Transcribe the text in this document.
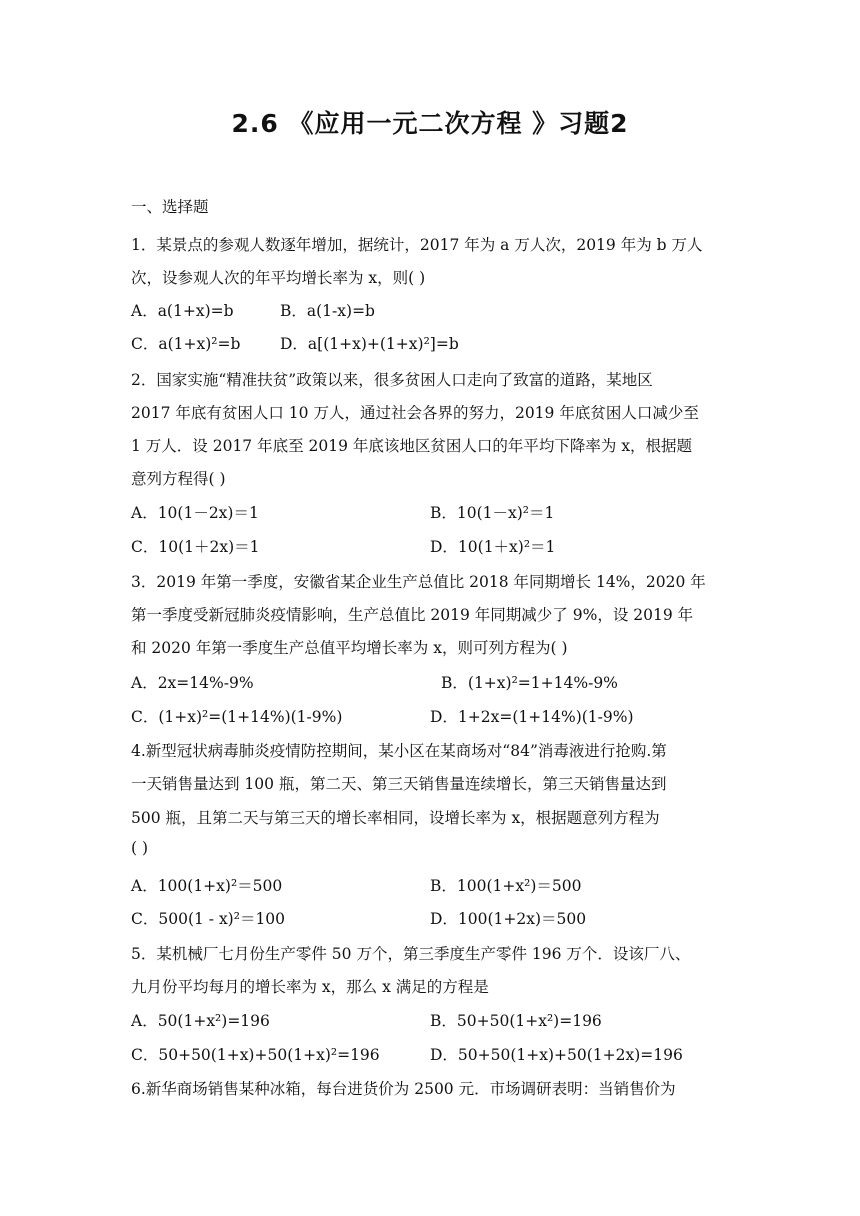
2.6 《应用一元二次方程 》习题2
一、选择题
1．某景点的参观人数逐年增加，据统计，2017 年为 a 万人次，2019 年为 b 万人
次，设参观人次的年平均增长率为 x，则( )
A．a(1+x)=b	B．a(1-x)=b
C．a(1+x)²=b	D．a[(1+x)+(1+x)²]=b
2．国家实施“精准扶贫”政策以来，很多贫困人口走向了致富的道路，某地区
2017 年底有贫困人口 10 万人，通过社会各界的努力，2019 年底贫困人口减少至
1 万人．设 2017 年底至 2019 年底该地区贫困人口的年平均下降率为 x，根据题
意列方程得( )
A．10(1－2x)＝1	B．10(1－x)²＝1
C．10(1＋2x)＝1	D．10(1＋x)²＝1
3．2019 年第一季度，安徽省某企业生产总值比 2018 年同期增长 14%，2020 年
第一季度受新冠肺炎疫情影响，生产总值比 2019 年同期减少了 9%，设 2019 年
和 2020 年第一季度生产总值平均增长率为 x，则可列方程为( )
A．2x=14%-9%	B．(1+x)²=1+14%-9%
C．(1+x)²=(1+14%)(1-9%)	D．1+2x=(1+14%)(1-9%)
4.新型冠状病毒肺炎疫情防控期间，某小区在某商场对“84”消毒液进行抢购.第
一天销售量达到 100 瓶，第二天、第三天销售量连续增长，第三天销售量达到
500 瓶，且第二天与第三天的增长率相同，设增长率为 x，根据题意列方程为
( )
A．100(1+x)²＝500	B．100(1+x²)＝500
C．500(1 - x)²＝100	D．100(1+2x)＝500
5．某机械厂七月份生产零件 50 万个，第三季度生产零件 196 万个．设该厂八、
九月份平均每月的增长率为 x，那么 x 满足的方程是
A．50(1+x²)=196	B．50+50(1+x²)=196
C．50+50(1+x)+50(1+x)²=196	D．50+50(1+x)+50(1+2x)=196
6.新华商场销售某种冰箱，每台进货价为 2500 元．市场调研表明：当销售价为
